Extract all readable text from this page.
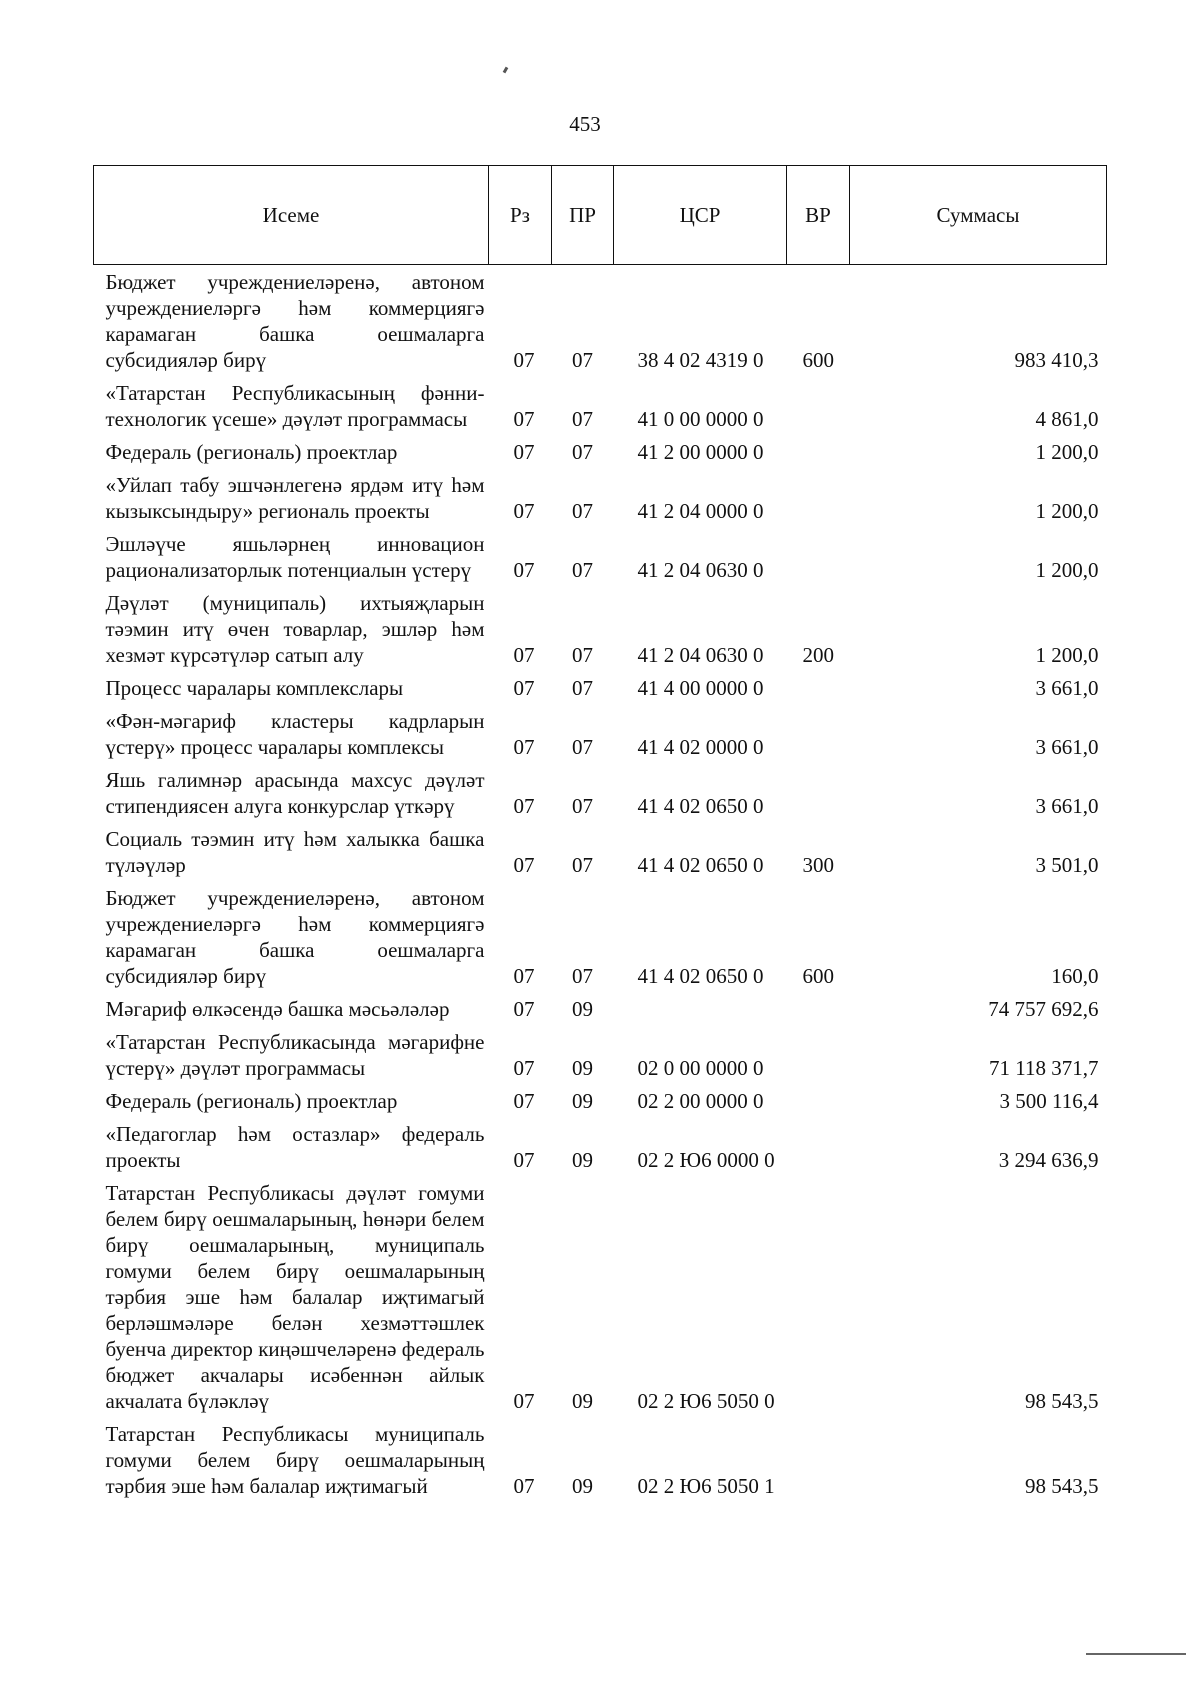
453
Исеме	Рз	ПР	ЦСР	ВР	Суммасы
Бюджет учреждениеләренә, автоном учреждениеләргә һәм коммерциягә карамаган башка оешмаларга субсидияләр бирү	07	07	38 4 02 4319 0	600	983 410,3
«Татарстан Республикасының фәнни-технологик үсеше» дәүләт программасы	07	07	41 0 00 0000 0		4 861,0
Федераль (региональ) проектлар	07	07	41 2 00 0000 0		1 200,0
«Уйлап табу эшчәнлегенә ярдәм итү һәм кызыксындыру» региональ проекты	07	07	41 2 04 0000 0		1 200,0
Эшләүче яшьләрнең инновацион рационализаторлык потенциалын үстерү	07	07	41 2 04 0630 0		1 200,0
Дәүләт (муниципаль) ихтыяҗларын тәэмин итү өчен товарлар, эшләр һәм хезмәт күрсәтүләр сатып алу	07	07	41 2 04 0630 0	200	1 200,0
Процесс чаралары комплекслары	07	07	41 4 00 0000 0		3 661,0
«Фән-мәгариф кластеры кадрларын үстерү» процесс чаралары комплексы	07	07	41 4 02 0000 0		3 661,0
Яшь галимнәр арасында махсус дәүләт стипендиясен алуга конкурслар үткәрү	07	07	41 4 02 0650 0		3 661,0
Социаль тәэмин итү һәм халыкка башка түләүләр	07	07	41 4 02 0650 0	300	3 501,0
Бюджет учреждениеләренә, автоном учреждениеләргә һәм коммерциягә карамаган башка оешмаларга субсидияләр бирү	07	07	41 4 02 0650 0	600	160,0
Мәгариф өлкәсендә башка мәсьәләләр	07	09			74 757 692,6
«Татарстан Республикасында мәгарифне үстерү» дәүләт программасы	07	09	02 0 00 0000 0		71 118 371,7
Федераль (региональ) проектлар	07	09	02 2 00 0000 0		3 500 116,4
«Педагоглар һәм остазлар» федераль проекты	07	09	02 2 Ю6 0000 0		3 294 636,9
Татарстан Республикасы дәүләт гомуми белем бирү оешмаларының, һөнәри белем бирү оешмаларының, муниципаль гомуми белем бирү оешмаларының тәрбия эше һәм балалар иҗтимагый берләшмәләре белән хезмәттәшлек буенча директор киңәшчеләренә федераль бюджет акчалары исәбеннән айлык акчалата бүләкләү	07	09	02 2 Ю6 5050 0		98 543,5
Татарстан Республикасы муниципаль гомуми белем бирү оешмаларының тәрбия эше һәм балалар иҗтимагый	07	09	02 2 Ю6 5050 1		98 543,5
